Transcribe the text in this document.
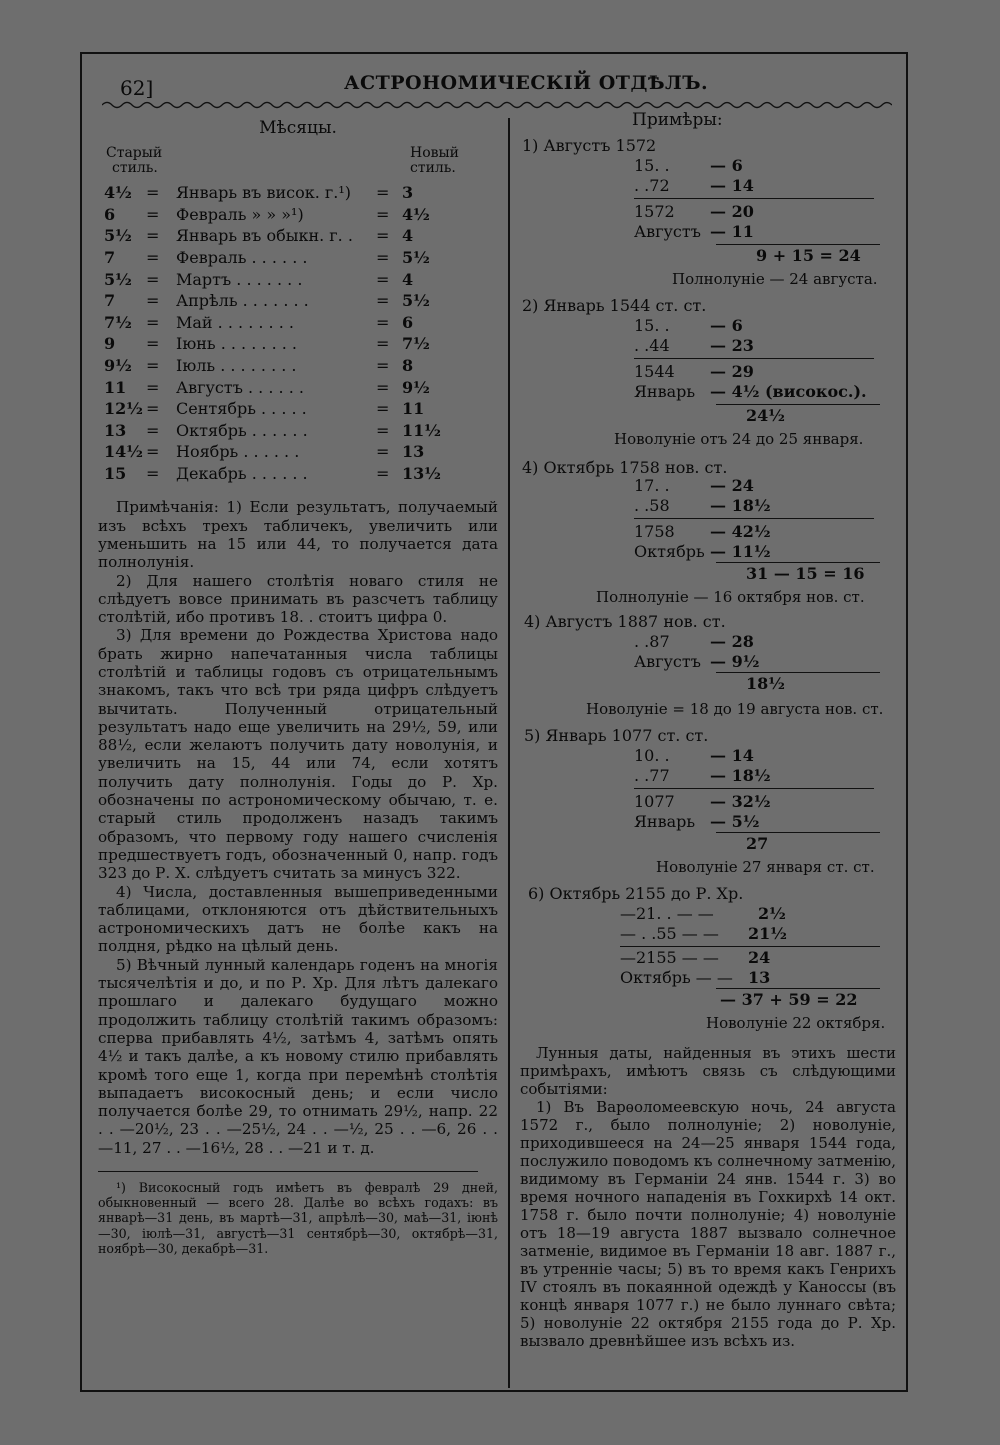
62]	АСТРОНОМИЧЕСКІЙ ОТДѢЛЪ.
Мѣсяцы.
Старый
стиль.
Новый
стиль.
4½	=	Январь въ висок. г.¹)	=	3
6	=	Февраль » » »¹)	=	4½
5½	=	Январь въ обыкн. г. .	=	4
7	=	Февраль . . . . . .	=	5½
5½	=	Мартъ . . . . . . .	=	4
7	=	Апрѣль . . . . . . .	=	5½
7½	=	Май . . . . . . . .	=	6
9	=	Іюнь . . . . . . . .	=	7½
9½	=	Іюль . . . . . . . .	=	8
11	=	Августъ . . . . . .	=	9½
12½	=	Сентябрь . . . . .	=	11
13	=	Октябрь . . . . . .	=	11½
14½	=	Ноябрь . . . . . .	=	13
15	=	Декабрь . . . . . .	=	13½

Примѣчанія: 1) Если результатъ, получаемый изъ всѣхъ трехъ табличекъ, увеличить или уменьшить на 15 или 44, то получается дата полнолунія.

2) Для нашего столѣтія новаго стиля не слѣдуетъ вовсе принимать въ разсчетъ таблицу столѣтій, ибо противъ 18. . стоитъ цифра 0.

3) Для времени до Рождества Христова надо брать жирно напечатанныя числа таблицы столѣтій и таблицы годовъ съ отрицательнымъ знакомъ, такъ что всѣ три ряда цифръ слѣдуетъ вычитать. Полученный отрицательный результатъ надо еще увеличить на 29½, 59, или 88½, если желаютъ получить дату новолунія, и увеличить на 15, 44 или 74, если хотятъ получить дату полнолунія. Годы до Р. Хр. обозначены по астрономическому обычаю, т. е. старый стиль продолженъ назадъ такимъ образомъ, что первому году нашего счисленія предшествуетъ годъ, обозначенный 0, напр. годъ 323 до Р. Х. слѣдуетъ считать за минусъ 322.

4) Числа, доставленныя вышеприведенными таблицами, отклоняются отъ дѣйствительныхъ астрономическихъ датъ не болѣе какъ на полдня, рѣдко на цѣлый день.

5) Вѣчный лунный календарь годенъ на многія тысячелѣтія и до, и по Р. Хр. Для лѣтъ далекаго прошлаго и далекаго будущаго можно продолжить таблицу столѣтій такимъ образомъ: сперва прибавлять 4½, затѣмъ 4, затѣмъ опять 4½ и такъ далѣе, а къ новому стилю прибавлять кромѣ того еще 1, когда при перемѣнѣ столѣтія выпадаетъ високосный день; и если число получается болѣе 29, то отнимать 29½, напр. 22 . . —20½, 23 . . —25½, 24 . . —½, 25 . . —6, 26 . . —11, 27 . . —16½, 28 . . —21 и т. д.

¹) Високосный годъ имѣетъ въ февралѣ 29 дней, обыкновенный — всего 28. Далѣе во всѣхъ годахъ: въ январѣ—31 день, въ мартѣ—31, апрѣлѣ—30, маѣ—31, іюнѣ—30, іюлѣ—31, августѣ—31 сентябрѣ—30, октябрѣ—31, ноябрѣ—30, декабрѣ—31.
Примѣры:
1) Августъ 1572
15. .	— 6
. .72	— 14
1572 — 20
Августъ — 11
9 + 15 = 24
Полнолуніе — 24 августа.
2) Январь 1544 ст. ст.
15. .	— 6
. .44	— 23
1544 — 29
Январь — 4½ (високос.).
24½
Новолуніе отъ 24 до 25 января.
4) Октябрь 1758 нов. ст.
17. .	— 24
. .58	— 18½
1758 — 42½
Октябрь — 11½
31 — 15 = 16
Полнолуніе — 16 октября нов. ст.
4) Августъ 1887 нов. ст.
. .87	— 28
Августъ — 9½
18½
Новолуніе = 18 до 19 августа нов. ст.
5) Январь 1077 ст. ст.
10. .	— 14
. .77	— 18½
1077 — 32½
Январь — 5½
27
Новолуніе 27 января ст. ст.
6) Октябрь 2155 до Р. Хр.
—21. . — —	2½
— . .55 — — 21½
—2155 — — 24
Октябрь — — 13
— 37 + 59 = 22
Новолуніе 22 октября.

Лунныя даты, найденныя въ этихъ шести примѣрахъ, имѣютъ связь съ слѣдующими событіями:

1) Въ Варѳоломеевскую ночь, 24 августа 1572 г., было полнолуніе; 2) новолуніе, приходившееся на 24—25 января 1544 года, послужило поводомъ къ солнечному затменію, видимому въ Германіи 24 янв. 1544 г. 3) во время ночного нападенія въ Гохкирхѣ 14 окт. 1758 г. было почти полнолуніе; 4) новолуніе отъ 18—19 августа 1887 вызвало солнечное затменіе, видимое въ Германіи 18 авг. 1887 г., въ утренніе часы; 5) въ то время какъ Генрихъ IV стоялъ въ покаянной одеждѣ у Каноссы (въ концѣ января 1077 г.) не было луннаго свѣта; 5) новолуніе 22 октября 2155 года до Р. Хр. вызвало древнѣйшее изъ всѣхъ из.
